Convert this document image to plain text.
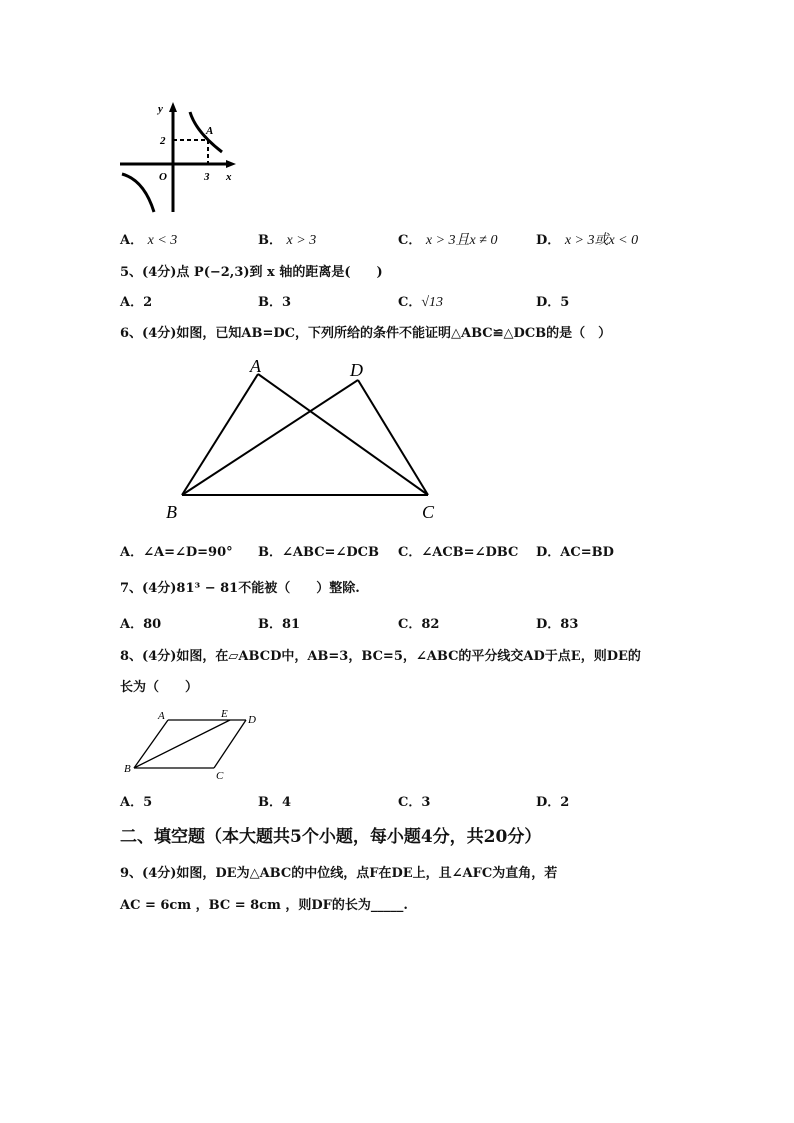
y
x
O
2
3
A
A． x < 3	B． x > 3	C． x > 3且x ≠ 0	D． x > 3或x < 0
5、(4分)点 P(−2,3)到 x 轴的距离是(　　)
A．2	B．3	C．√13	D．5
6、(4分)如图，已知AB=DC，下列所给的条件不能证明△ABC≌△DCB的是（　）
A	D
B	C
A．∠A=∠D=90° B．∠ABC=∠DCB C．∠ACB=∠DBC D．AC=BD
7、(4分)81³ − 81不能被（　　）整除.
A．80	B．81	C．82	D．83
8、(4分)如图，在▱ABCD中，AB=3，BC=5，∠ABC的平分线交AD于点E，则DE的
长为（　　）
A	E D
B
C
A．5	B．4	C．3	D．2
二、填空题（本大题共5个小题，每小题4分，共20分）
9、(4分)如图，DE为△ABC的中位线，点F在DE上，且∠AFC为直角，若
AC = 6cm ，BC = 8cm ，则DF的长为_____.
